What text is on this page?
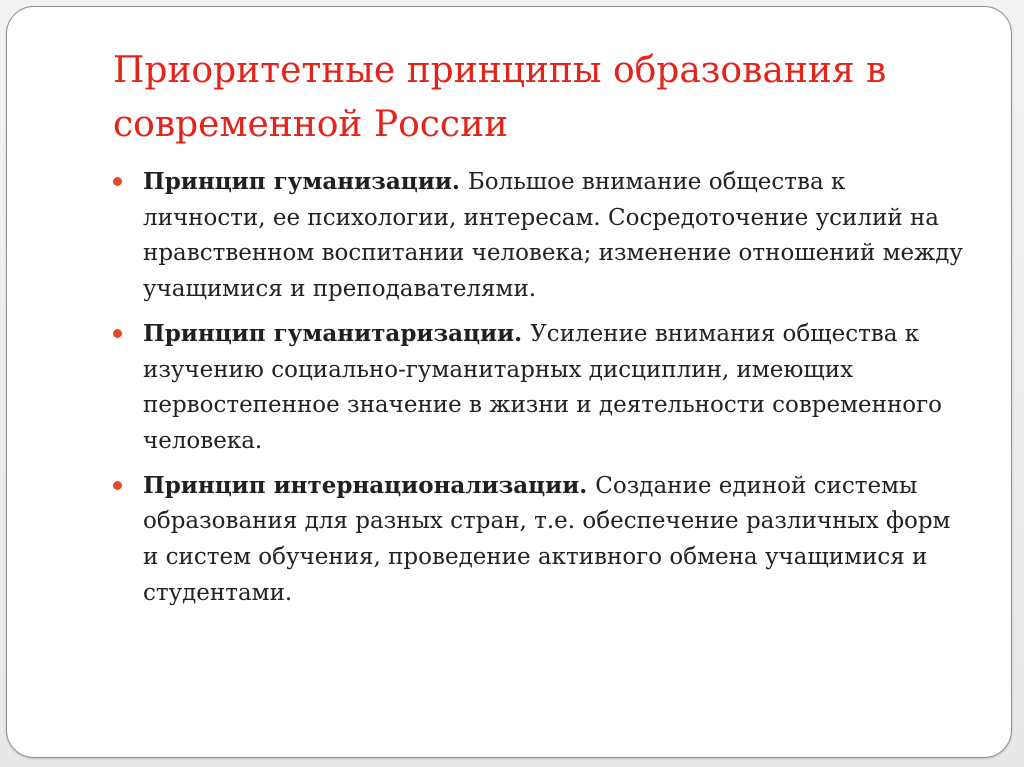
Приоритетные принципы образования в современной России
Принцип гуманизации. Большое внимание общества к личности, ее психологии, интересам. Сосредоточение усилий на нравственном воспитании человека; изменение отношений между учащимися и преподавателями.
Принцип гуманитаризации. Усиление внимания общества к изучению социально-гуманитарных дисциплин, имеющих первостепенное значение в жизни и деятельности современного человека.
Принцип интернационализации. Создание единой системы образования для разных стран, т.е. обеспечение различных форм и систем обучения, проведение активного обмена учащимися и студентами.
